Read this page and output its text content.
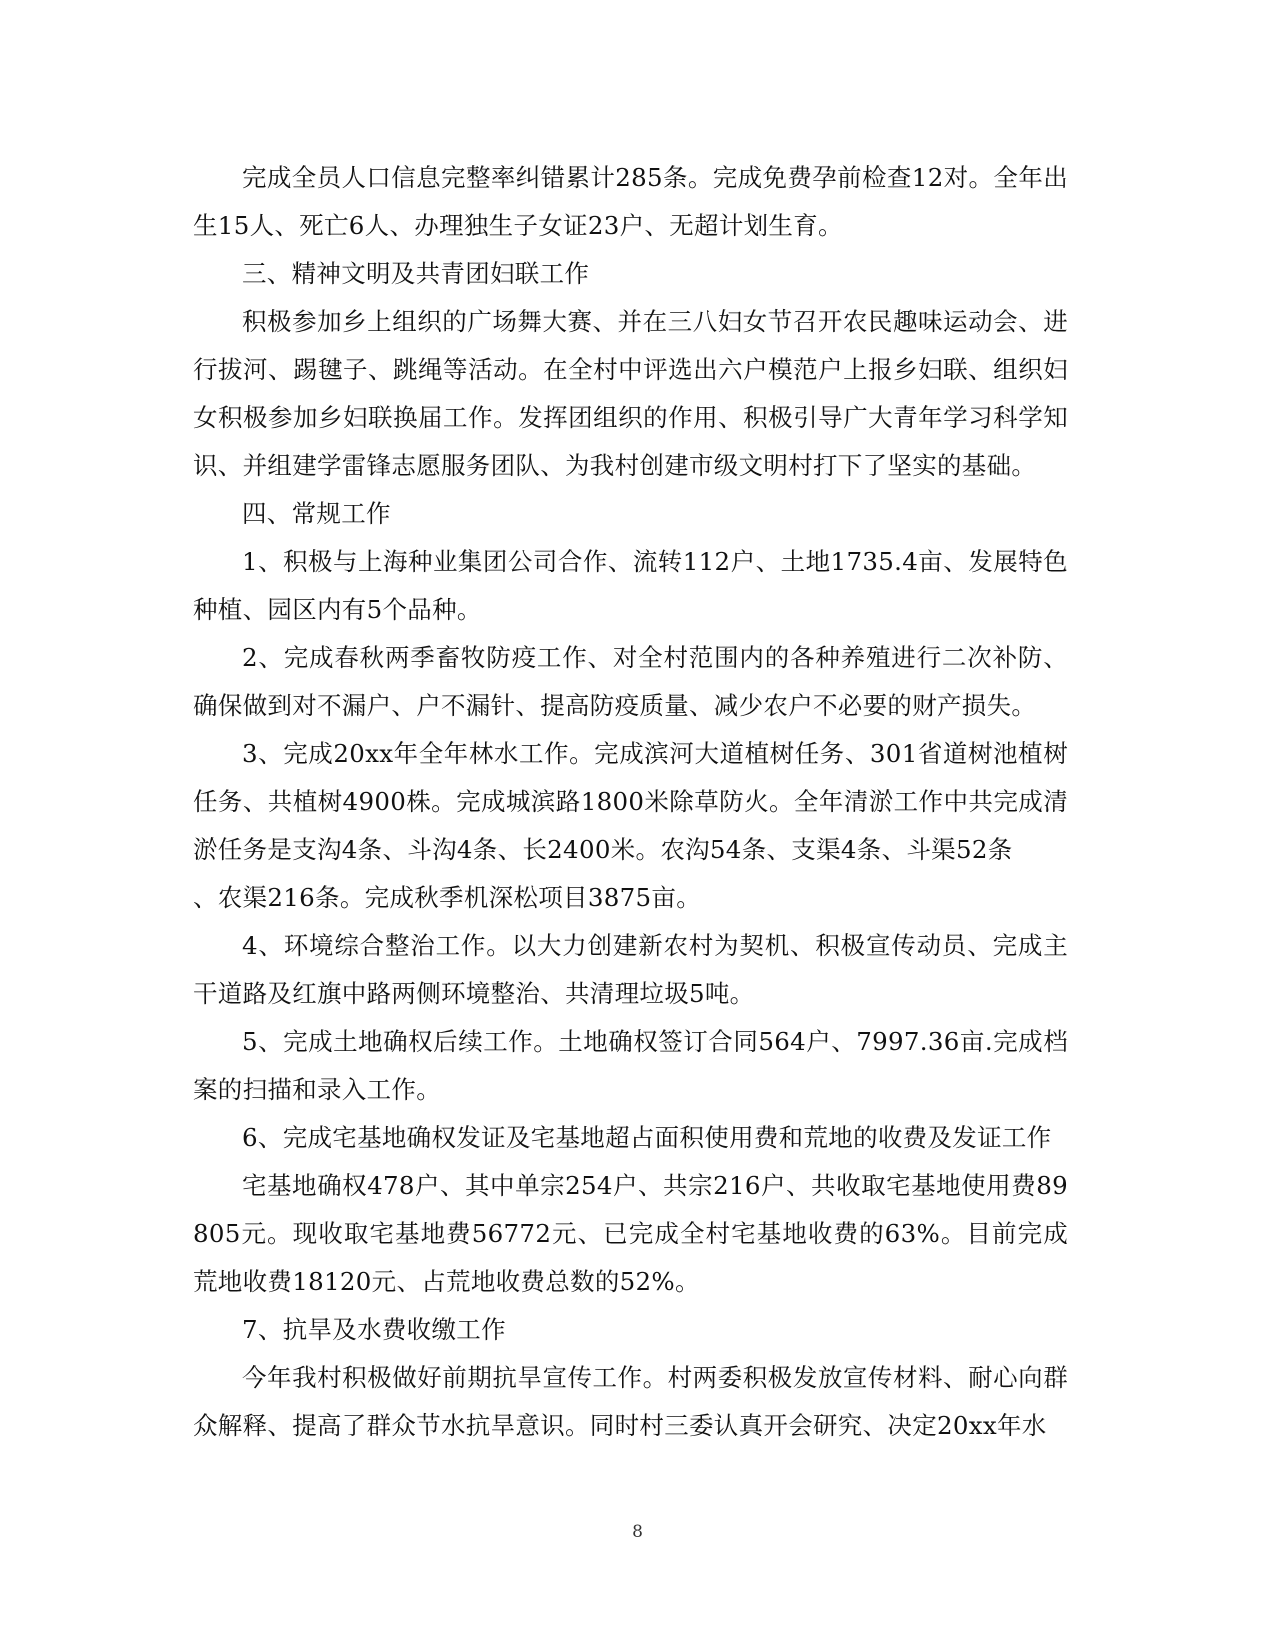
完成全员人口信息完整率纠错累计285条。完成免费孕前检查12对。全年出生15人、死亡6人、办理独生子女证23户、无超计划生育。

三、精神文明及共青团妇联工作

积极参加乡上组织的广场舞大赛、并在三八妇女节召开农民趣味运动会、进行拔河、踢毽子、跳绳等活动。在全村中评选出六户模范户上报乡妇联、组织妇女积极参加乡妇联换届工作。发挥团组织的作用、积极引导广大青年学习科学知识、并组建学雷锋志愿服务团队、为我村创建市级文明村打下了坚实的基础。

四、常规工作

1、积极与上海种业集团公司合作、流转112户、土地1735.4亩、发展特色种植、园区内有5个品种。

2、完成春秋两季畜牧防疫工作、对全村范围内的各种养殖进行二次补防、确保做到对不漏户、户不漏针、提高防疫质量、减少农户不必要的财产损失。

3、完成20xx年全年林水工作。完成滨河大道植树任务、301省道树池植树任务、共植树4900株。完成城滨路1800米除草防火。全年清淤工作中共完成清淤任务是支沟4条、斗沟4条、长2400米。农沟54条、支渠4条、斗渠52条

、农渠216条。完成秋季机深松项目3875亩。

4、环境综合整治工作。以大力创建新农村为契机、积极宣传动员、完成主干道路及红旗中路两侧环境整治、共清理垃圾5吨。

5、完成土地确权后续工作。土地确权签订合同564户、7997.36亩.完成档案的扫描和录入工作。

6、完成宅基地确权发证及宅基地超占面积使用费和荒地的收费及发证工作

宅基地确权478户、其中单宗254户、共宗216户、共收取宅基地使用费89805元。现收取宅基地费56772元、已完成全村宅基地收费的63%。目前完成荒地收费18120元、占荒地收费总数的52%。

7、抗旱及水费收缴工作

今年我村积极做好前期抗旱宣传工作。村两委积极发放宣传材料、耐心向群众解释、提高了群众节水抗旱意识。同时村三委认真开会研究、决定20xx年水

8
